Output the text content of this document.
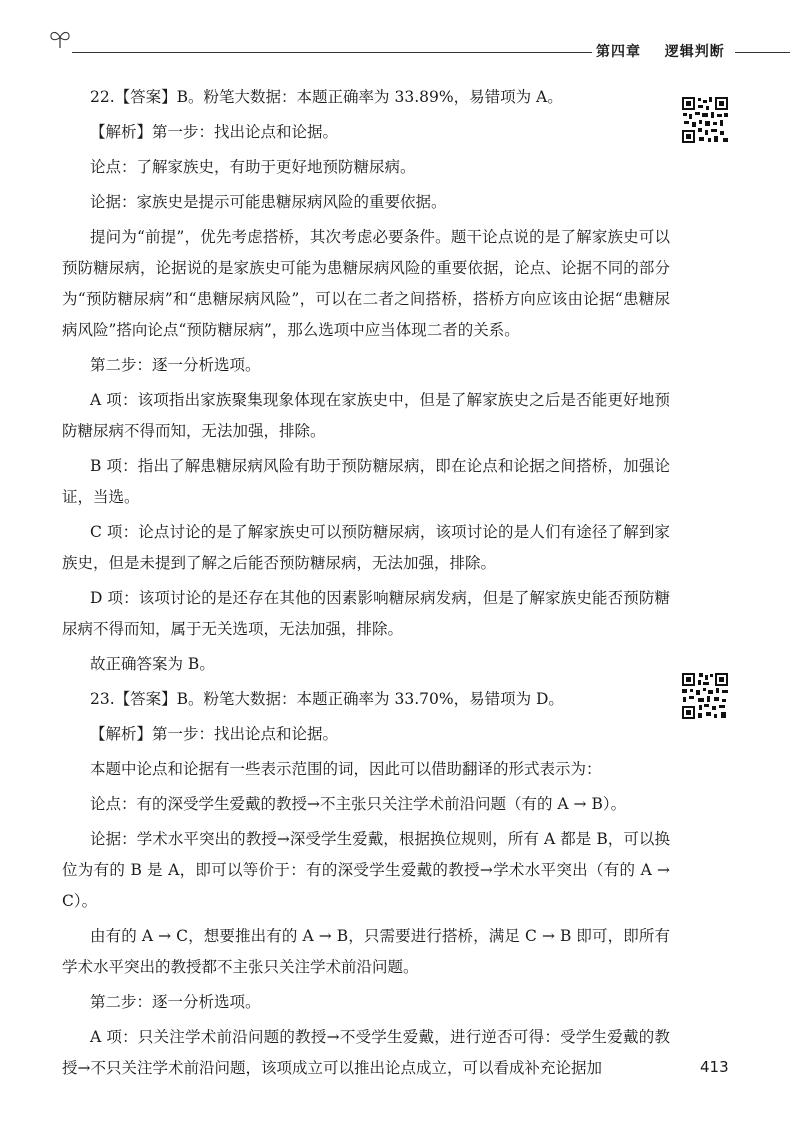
第四章 逻辑判断

22.【答案】B。粉笔大数据：本题正确率为 33.89%，易错项为 A。

【解析】第一步：找出论点和论据。

论点：了解家族史，有助于更好地预防糖尿病。

论据：家族史是提示可能患糖尿病风险的重要依据。

提问为“前提”，优先考虑搭桥，其次考虑必要条件。题干论点说的是了解家族史可以预防糖尿病，论据说的是家族史可能为患糖尿病风险的重要依据，论点、论据不同的部分为“预防糖尿病”和“患糖尿病风险”，可以在二者之间搭桥，搭桥方向应该由论据“患糖尿病风险”搭向论点“预防糖尿病”，那么选项中应当体现二者的关系。

第二步：逐一分析选项。

A 项：该项指出家族聚集现象体现在家族史中，但是了解家族史之后是否能更好地预防糖尿病不得而知，无法加强，排除。

B 项：指出了解患糖尿病风险有助于预防糖尿病，即在论点和论据之间搭桥，加强论证，当选。

C 项：论点讨论的是了解家族史可以预防糖尿病，该项讨论的是人们有途径了解到家族史，但是未提到了解之后能否预防糖尿病，无法加强，排除。

D 项：该项讨论的是还存在其他的因素影响糖尿病发病，但是了解家族史能否预防糖尿病不得而知，属于无关选项，无法加强，排除。

故正确答案为 B。

23.【答案】B。粉笔大数据：本题正确率为 33.70%，易错项为 D。

【解析】第一步：找出论点和论据。

本题中论点和论据有一些表示范围的词，因此可以借助翻译的形式表示为：

论点：有的深受学生爱戴的教授→不主张只关注学术前沿问题（有的 A → B）。

论据：学术水平突出的教授→深受学生爱戴，根据换位规则，所有 A 都是 B，可以换位为有的 B 是 A，即可以等价于：有的深受学生爱戴的教授→学术水平突出（有的 A → C）。

由有的 A → C，想要推出有的 A → B，只需要进行搭桥，满足 C → B 即可，即所有学术水平突出的教授都不主张只关注学术前沿问题。

第二步：逐一分析选项。

A 项：只关注学术前沿问题的教授→不受学生爱戴，进行逆否可得：受学生爱戴的教授→不只关注学术前沿问题，该项成立可以推出论点成立，可以看成补充论据加	413
